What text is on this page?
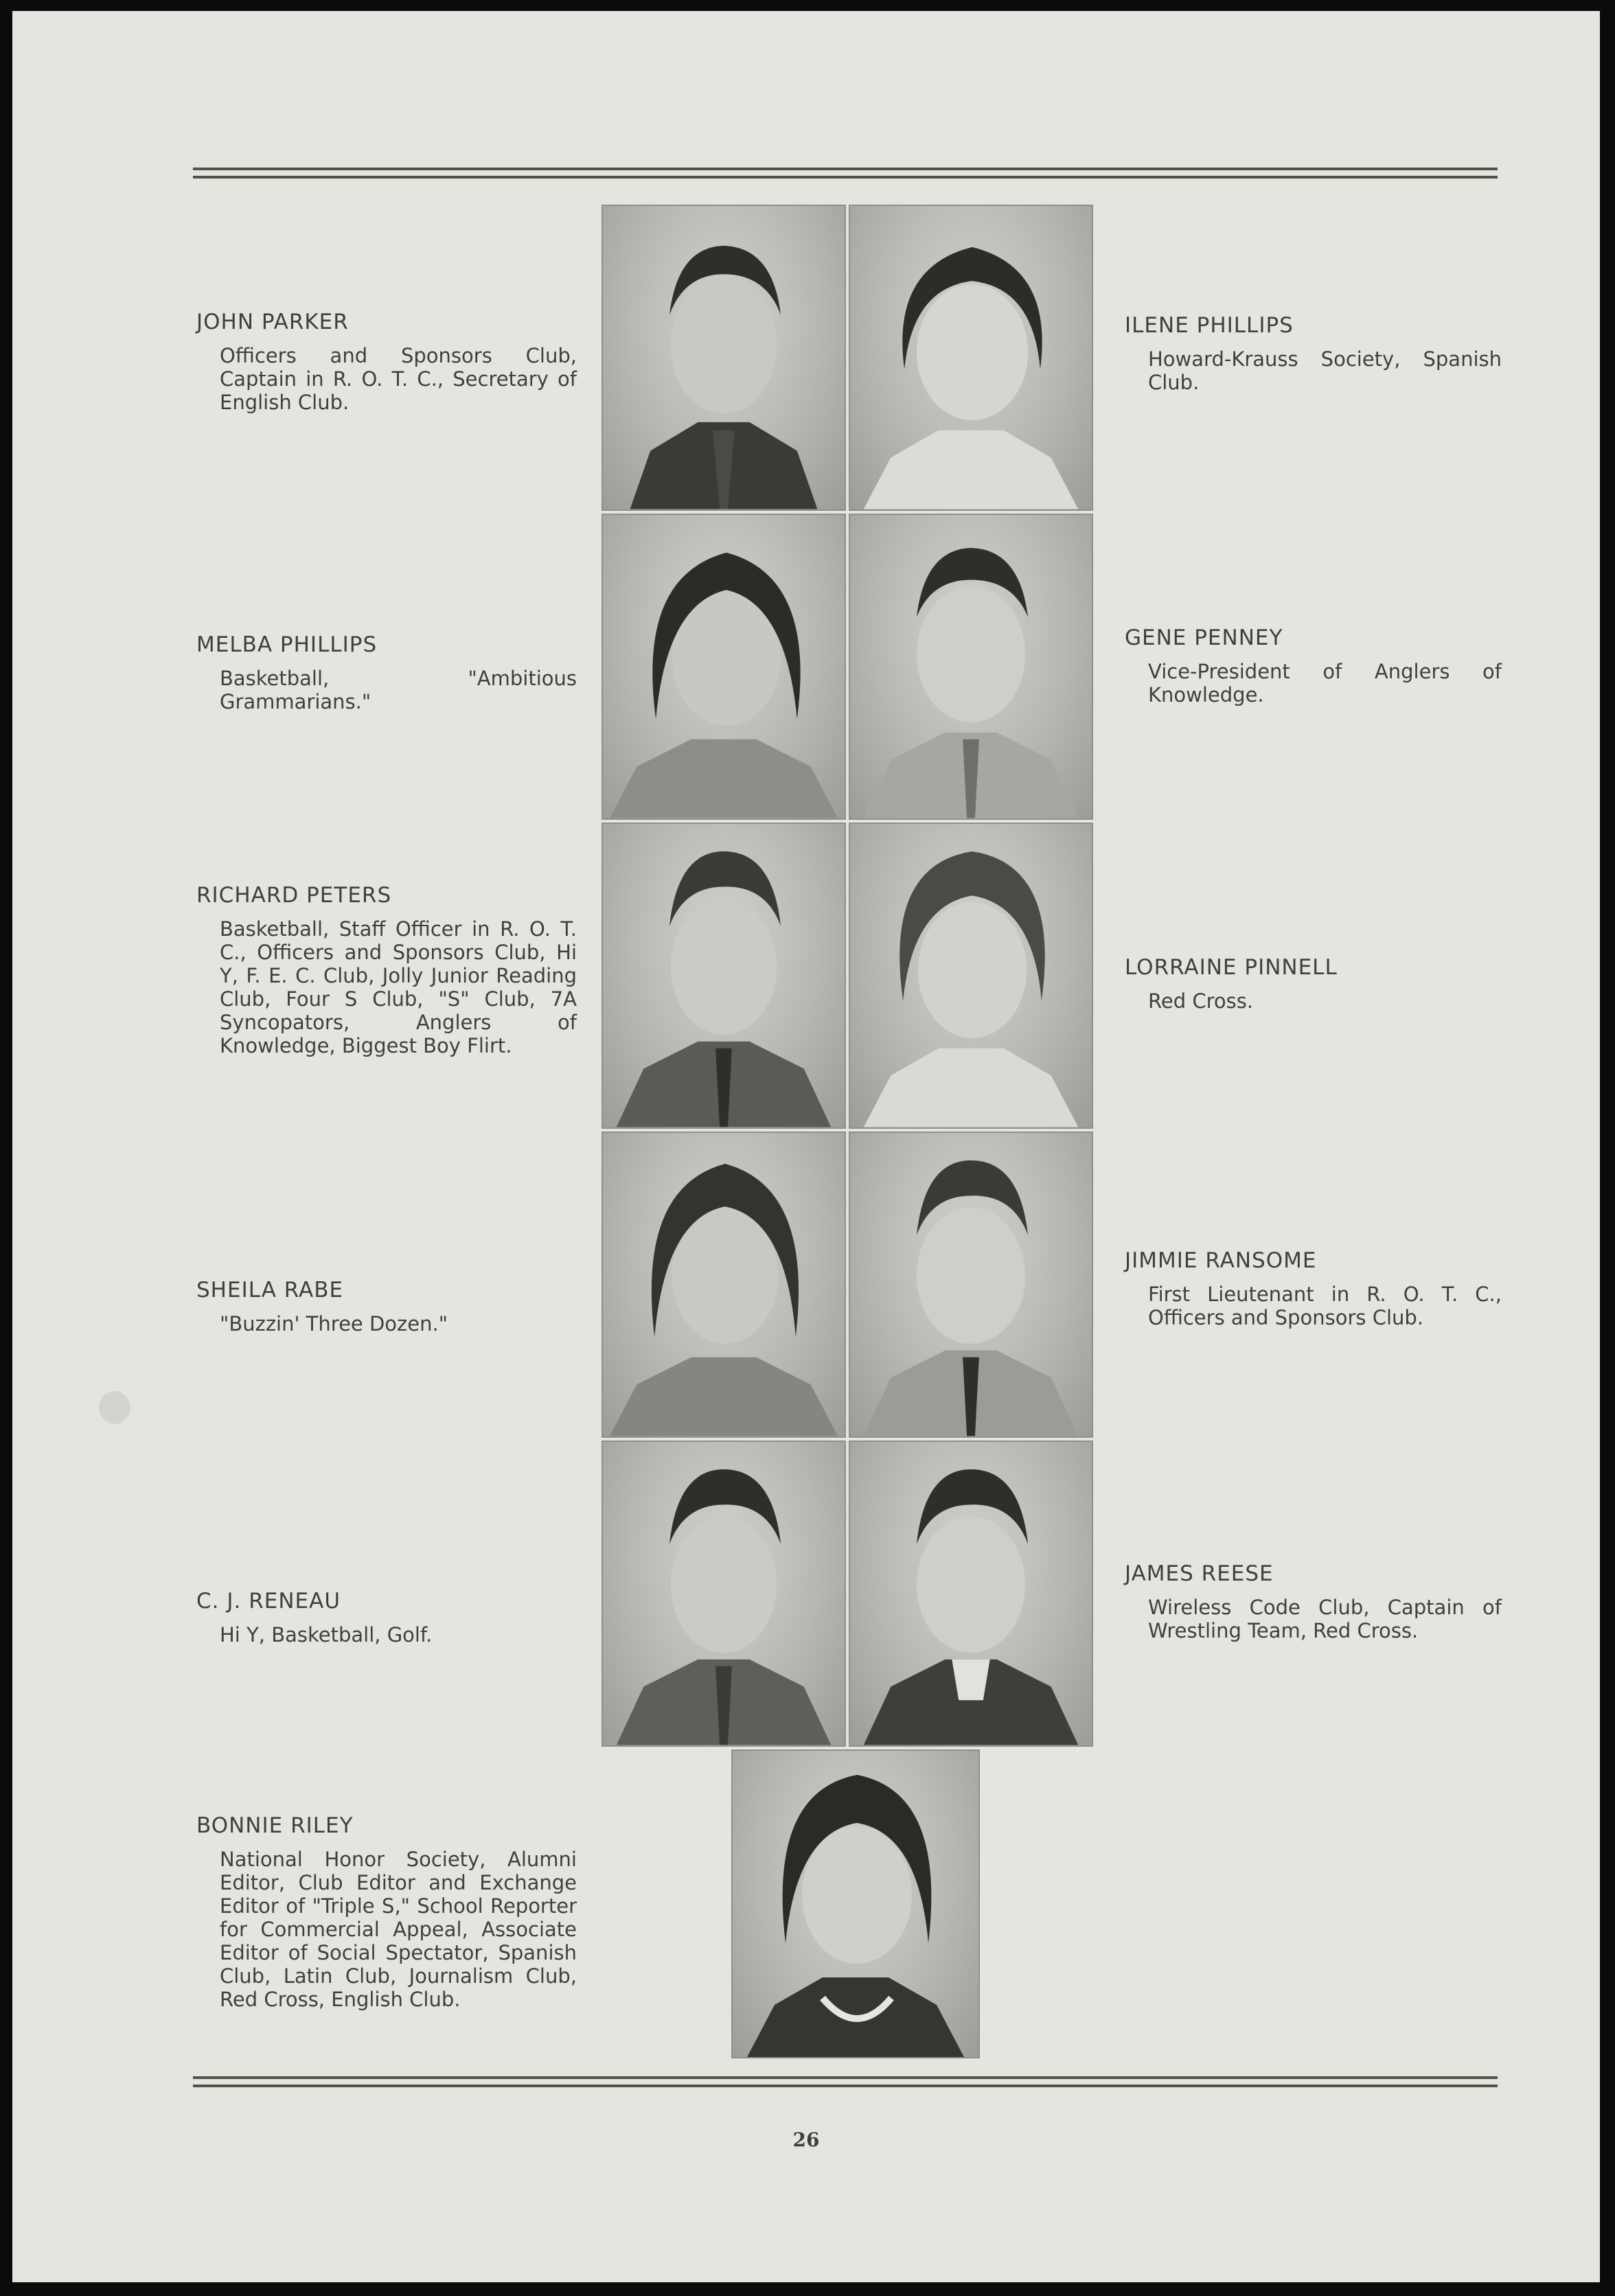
JOHN PARKER
Officers and Sponsors Club, Captain in R. O. T. C., Secretary of English Club.
ILENE PHILLIPS
Howard-Krauss Society, Spanish Club.
MELBA PHILLIPS
Basketball, "Ambitious Grammarians."
GENE PENNEY
Vice-President of Anglers of Knowledge.
RICHARD PETERS
Basketball, Staff Officer in R. O. T. C., Officers and Sponsors Club, Hi Y, F. E. C. Club, Jolly Junior Reading Club, Four S Club, "S" Club, 7A Syncopators, Anglers of Knowledge, Biggest Boy Flirt.
LORRAINE PINNELL
Red Cross.
SHEILA RABE
"Buzzin' Three Dozen."
JIMMIE RANSOME
First Lieutenant in R. O. T. C., Officers and Sponsors Club.
C. J. RENEAU
Hi Y, Basketball, Golf.
JAMES REESE
Wireless Code Club, Captain of Wrestling Team, Red Cross.
BONNIE RILEY
National Honor Society, Alumni Editor, Club Editor and Exchange Editor of "Triple S," School Reporter for Commercial Appeal, Associate Editor of Social Spectator, Spanish Club, Latin Club, Journalism Club, Red Cross, English Club.
26
